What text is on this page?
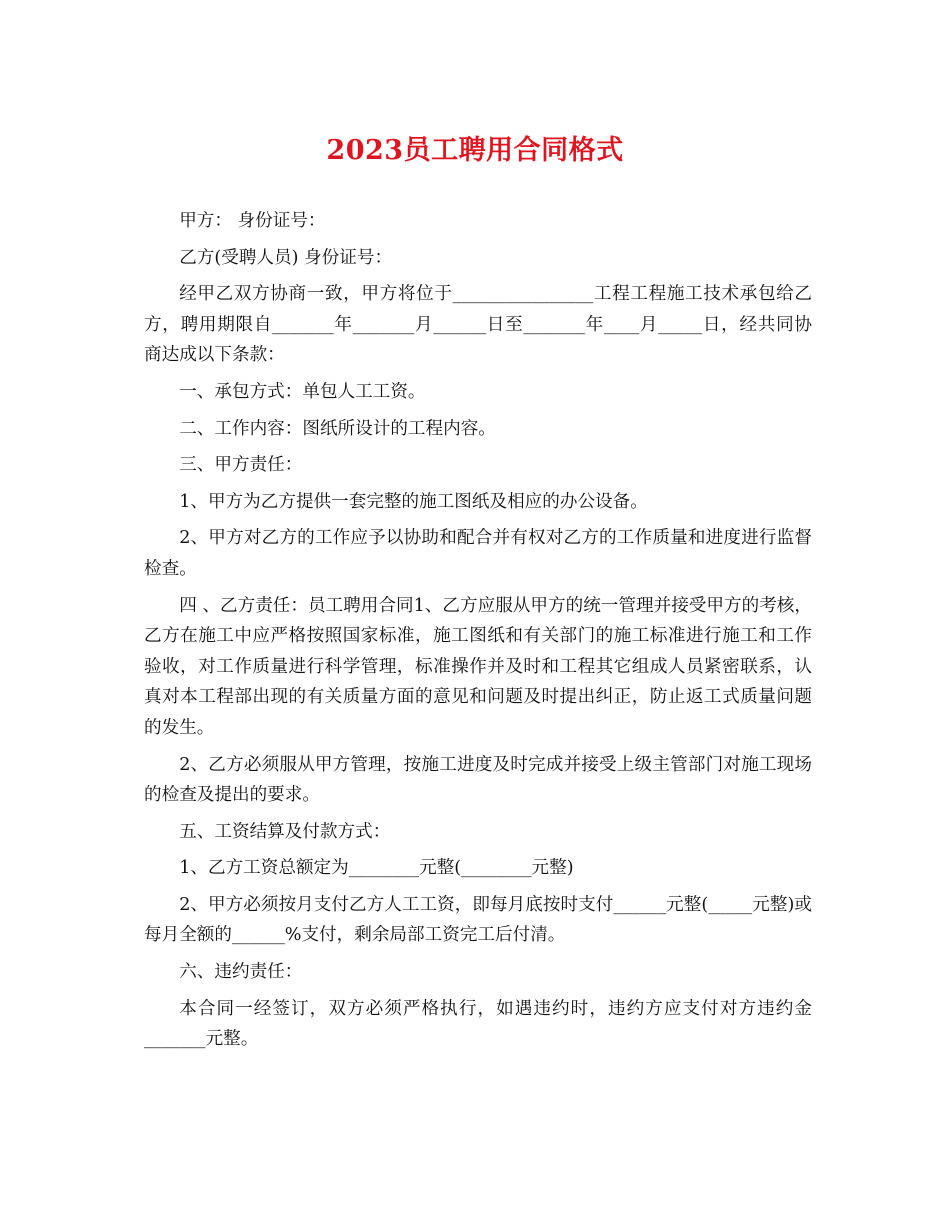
2023员工聘用合同格式

甲方： 身份证号：

乙方(受聘人员) 身份证号：

经甲乙双方协商一致，甲方将位于________________工程工程施工技术承包给乙方，聘用期限自_______年_______月______日至_______年____月_____日，经共同协商达成以下条款：

一、承包方式：单包人工工资。

二、工作内容：图纸所设计的工程内容。

三、甲方责任：

1、甲方为乙方提供一套完整的施工图纸及相应的办公设备。

2、甲方对乙方的工作应予以协助和配合并有权对乙方的工作质量和进度进行监督检查。

四 、乙方责任：员工聘用合同1、乙方应服从甲方的统一管理并接受甲方的考核，乙方在施工中应严格按照国家标准，施工图纸和有关部门的施工标准进行施工和工作验收，对工作质量进行科学管理，标准操作并及时和工程其它组成人员紧密联系，认真对本工程部出现的有关质量方面的意见和问题及时提出纠正，防止返工式质量问题的发生。

2、乙方必须服从甲方管理，按施工进度及时完成并接受上级主管部门对施工现场的检查及提出的要求。

五、工资结算及付款方式：

1、乙方工资总额定为________元整(________元整)

2、甲方必须按月支付乙方人工工资，即每月底按时支付______元整(_____元整)或每月全额的______%支付，剩余局部工资完工后付清。

六、违约责任：

本合同一经签订，双方必须严格执行，如遇违约时，违约方应支付对方违约金_______元整。
